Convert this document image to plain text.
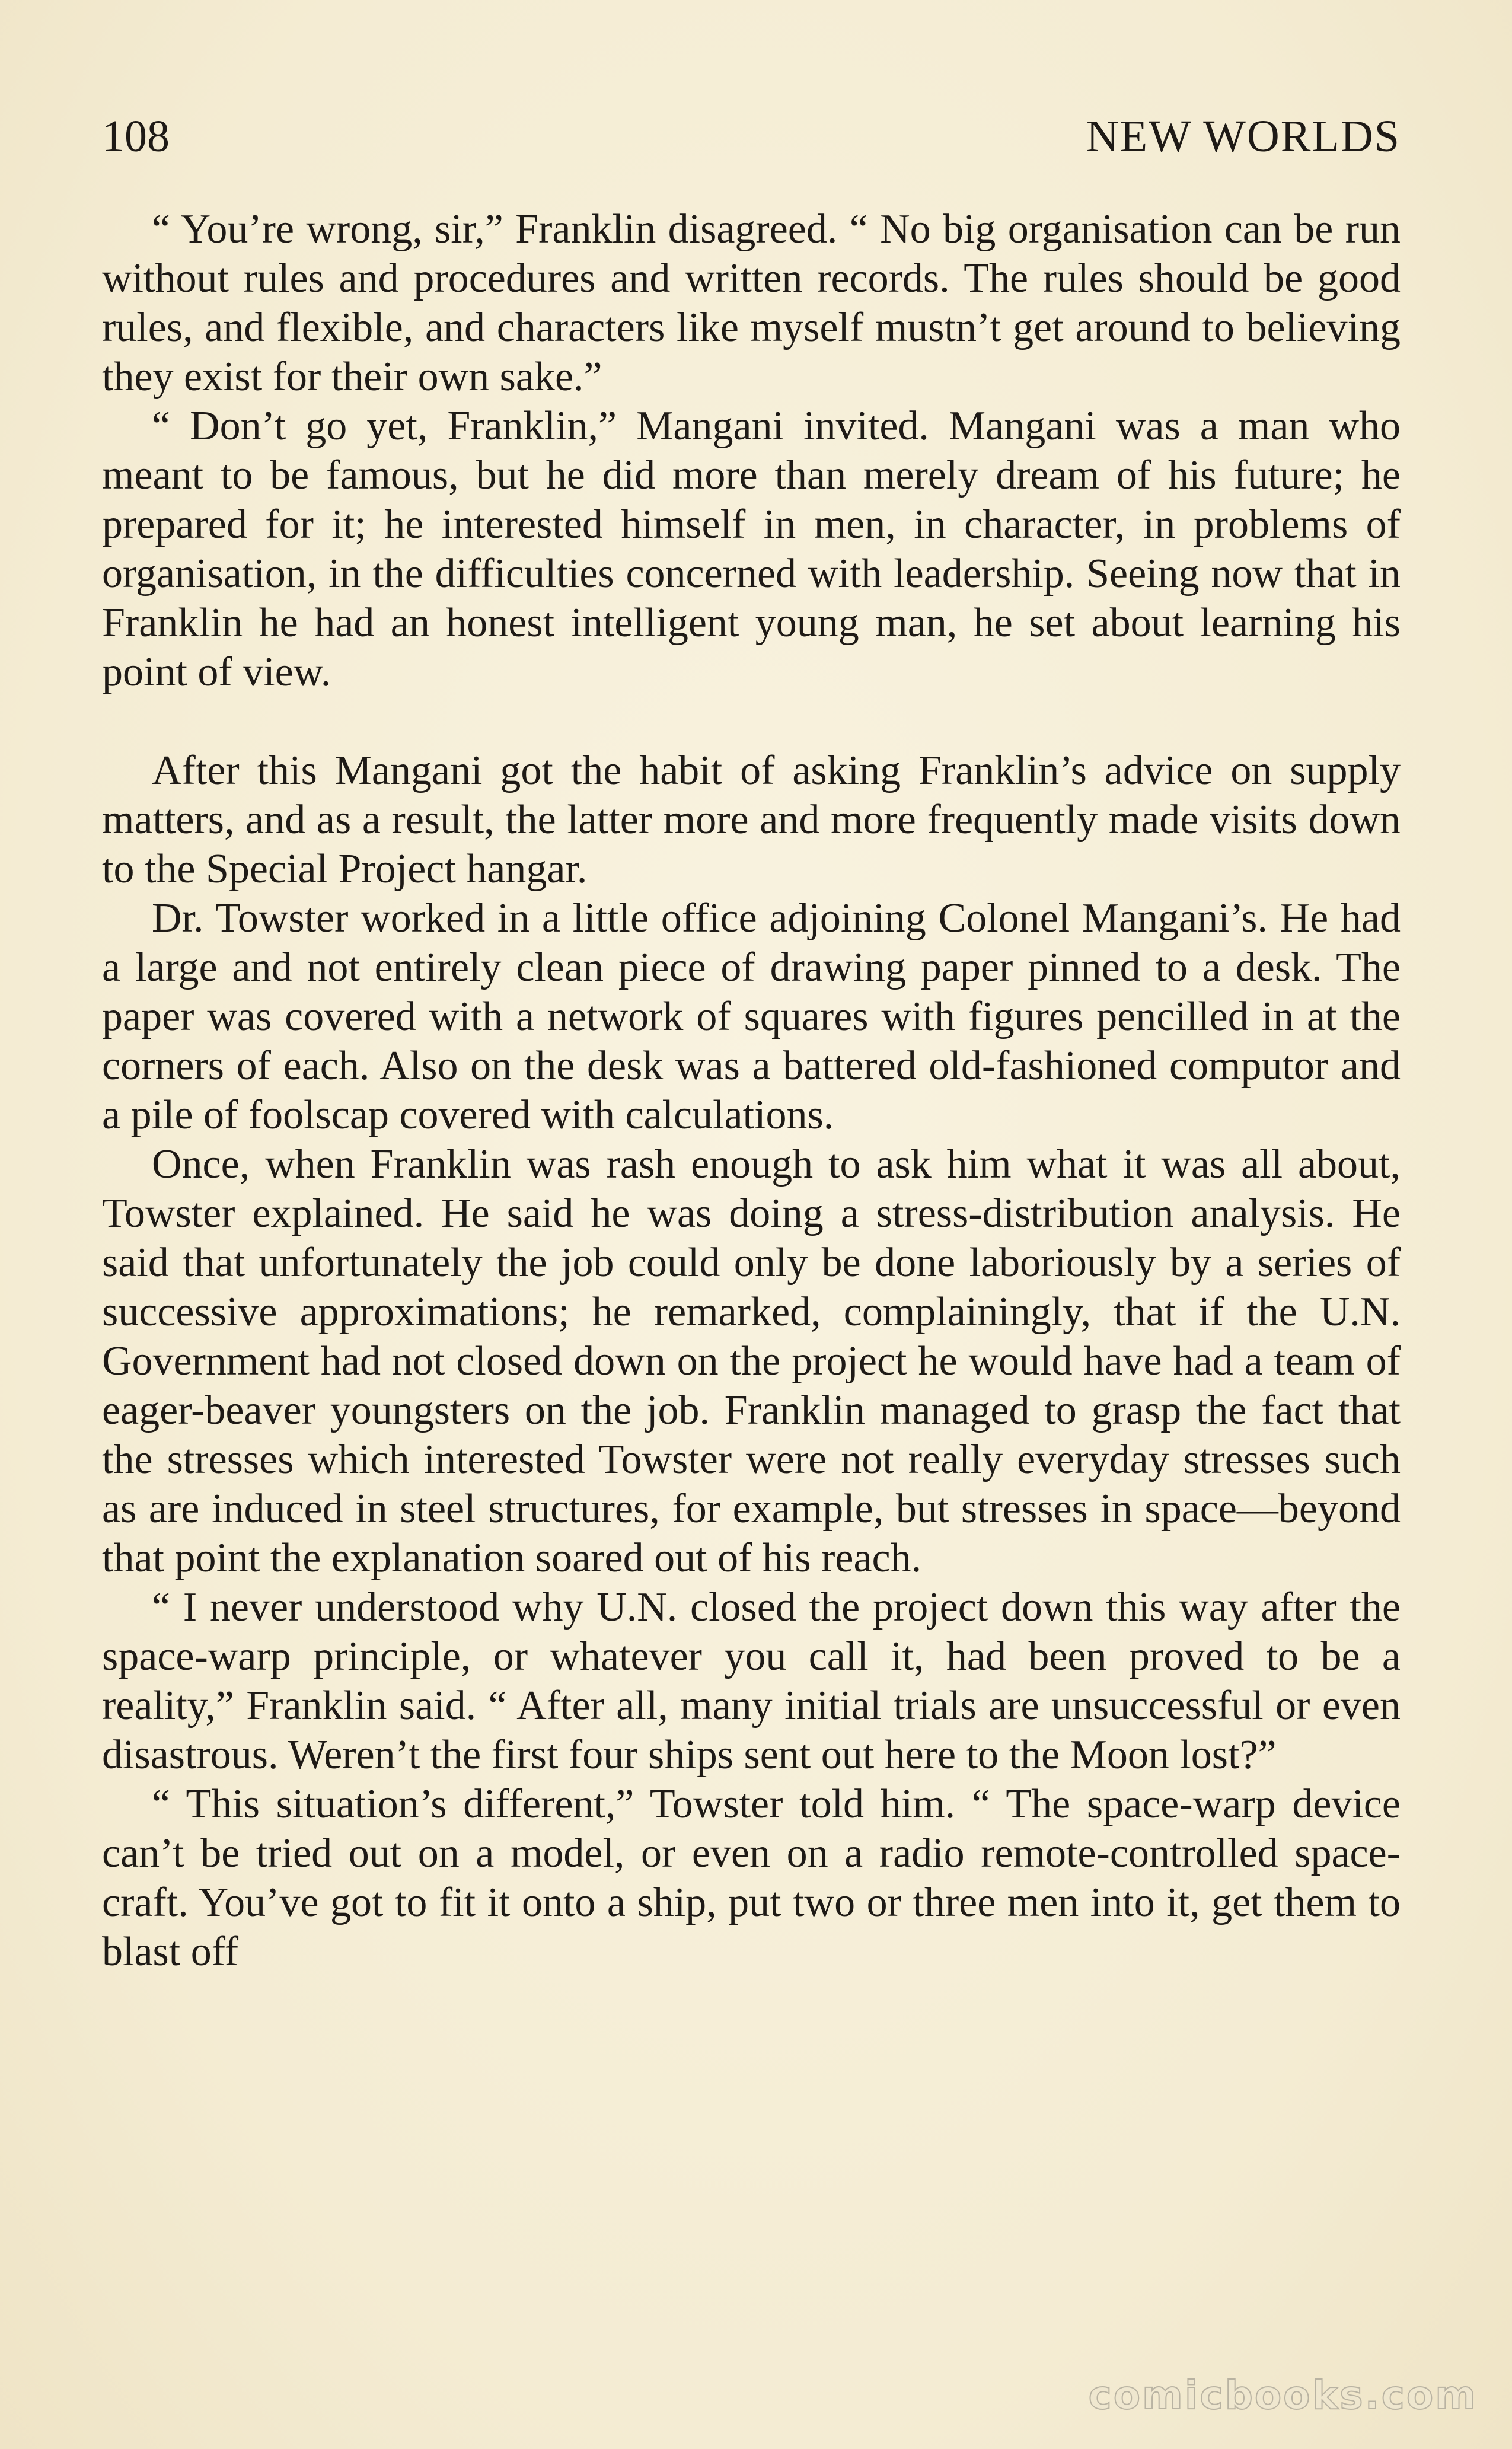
108	NEW WORLDS

“ You’re wrong, sir,” Franklin disagreed. “ No big organisation can be run without rules and procedures and written records. The rules should be good rules, and flexible, and characters like myself mustn’t get around to believing they exist for their own sake.”

“ Don’t go yet, Franklin,” Mangani invited. Mangani was a man who meant to be famous, but he did more than merely dream of his future; he prepared for it; he interested himself in men, in character, in problems of organisation, in the difficulties concerned with leadership. Seeing now that in Franklin he had an honest intelligent young man, he set about learning his point of view.

After this Mangani got the habit of asking Franklin’s advice on supply matters, and as a result, the latter more and more frequently made visits down to the Special Project hangar.

Dr. Towster worked in a little office adjoining Colonel Mangani’s. He had a large and not entirely clean piece of drawing paper pinned to a desk. The paper was covered with a network of squares with figures pencilled in at the corners of each. Also on the desk was a battered old-fashioned computor and a pile of foolscap covered with calculations.

Once, when Franklin was rash enough to ask him what it was all about, Towster explained. He said he was doing a stress-distribution analysis. He said that unfortunately the job could only be done laboriously by a series of successive approximations; he remarked, complainingly, that if the U.N. Government had not closed down on the project he would have had a team of eager-beaver youngsters on the job. Franklin managed to grasp the fact that the stresses which interested Towster were not really everyday stresses such as are induced in steel structures, for example, but stresses in space—beyond that point the explanation soared out of his reach.

“ I never understood why U.N. closed the project down this way after the space-warp principle, or whatever you call it, had been proved to be a reality,” Franklin said. “ After all, many initial trials are unsuccessful or even disastrous. Weren’t the first four ships sent out here to the Moon lost?”

“ This situation’s different,” Towster told him. “ The space-warp device can’t be tried out on a model, or even on a radio remote-controlled space-craft. You’ve got to fit it onto a ship, put two or three men into it, get them to blast off

comicbooks.com
